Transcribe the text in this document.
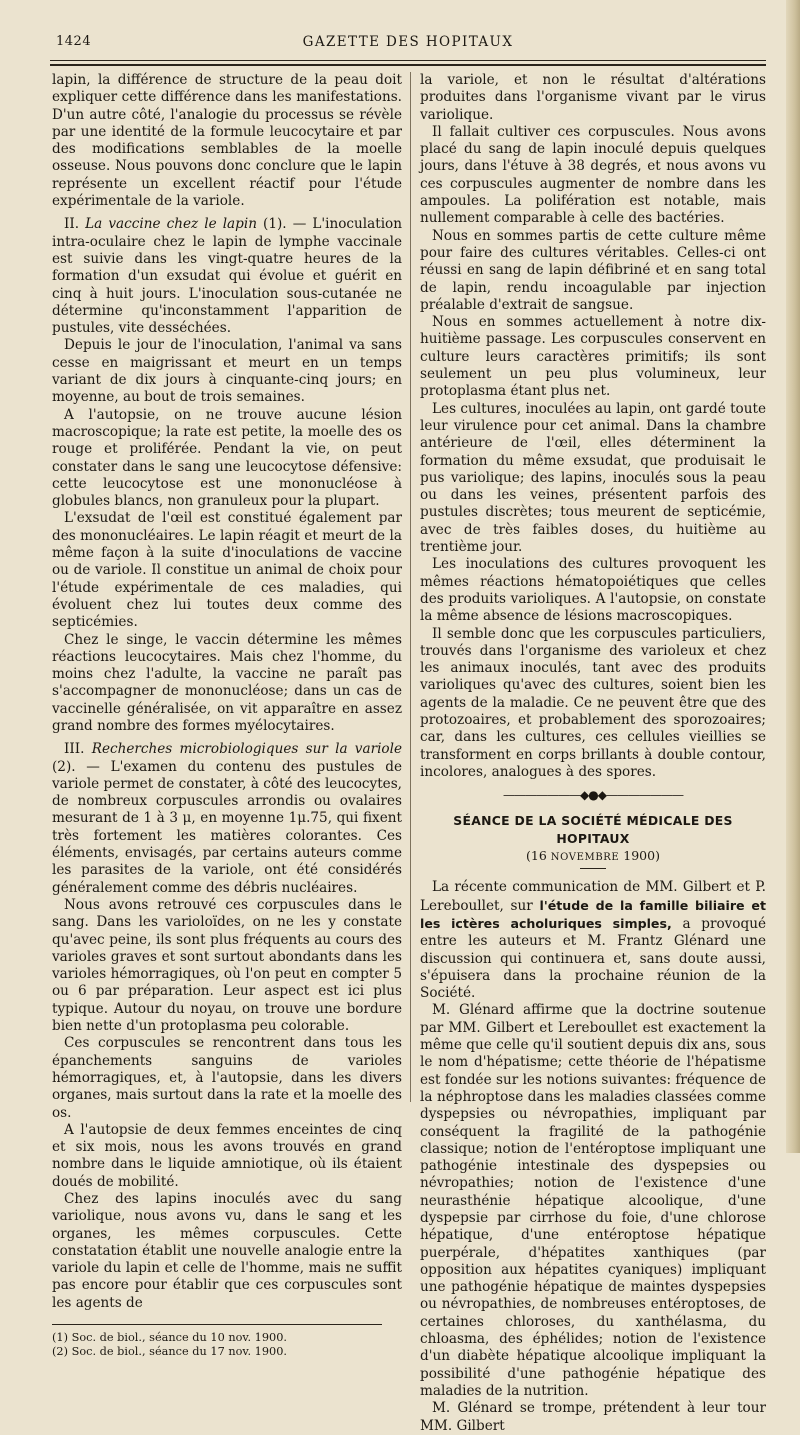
1424	GAZETTE DES HOPITAUX

lapin, la différence de structure de la peau doit expliquer cette différence dans les manifestations. D'un autre côté, l'analogie du processus se révèle par une identité de la formule leucocytaire et par des modifications semblables de la moelle osseuse. Nous pouvons donc conclure que le lapin représente un excellent réactif pour l'étude expérimentale de la variole.

II. La vaccine chez le lapin (1). — L'inoculation intra-oculaire chez le lapin de lymphe vaccinale est suivie dans les vingt-quatre heures de la formation d'un exsudat qui évolue et guérit en cinq à huit jours. L'inoculation sous-cutanée ne détermine qu'inconstamment l'apparition de pustules, vite desséchées.

Depuis le jour de l'inoculation, l'animal va sans cesse en maigrissant et meurt en un temps variant de dix jours à cinquante-cinq jours; en moyenne, au bout de trois semaines.

A l'autopsie, on ne trouve aucune lésion macroscopique; la rate est petite, la moelle des os rouge et proliférée. Pendant la vie, on peut constater dans le sang une leucocytose défensive: cette leucocytose est une mononucléose à globules blancs, non granuleux pour la plupart.

L'exsudat de l'œil est constitué également par des mononucléaires. Le lapin réagit et meurt de la même façon à la suite d'inoculations de vaccine ou de variole. Il constitue un animal de choix pour l'étude expérimentale de ces maladies, qui évoluent chez lui toutes deux comme des septicémies.

Chez le singe, le vaccin détermine les mêmes réactions leucocytaires. Mais chez l'homme, du moins chez l'adulte, la vaccine ne paraît pas s'accompagner de mononucléose; dans un cas de vaccinelle généralisée, on vit apparaître en assez grand nombre des formes myélocytaires.

III. Recherches microbiologiques sur la variole (2). — L'examen du contenu des pustules de variole permet de constater, à côté des leucocytes, de nombreux corpuscules arrondis ou ovalaires mesurant de 1 à 3 μ, en moyenne 1μ.75, qui fixent très fortement les matières colorantes. Ces éléments, envisagés, par certains auteurs comme les parasites de la variole, ont été considérés généralement comme des débris nucléaires.

Nous avons retrouvé ces corpuscules dans le sang. Dans les varioloïdes, on ne les y constate qu'avec peine, ils sont plus fréquents au cours des varioles graves et sont surtout abondants dans les varioles hémorragiques, où l'on peut en compter 5 ou 6 par préparation. Leur aspect est ici plus typique. Autour du noyau, on trouve une bordure bien nette d'un protoplasma peu colorable.

Ces corpuscules se rencontrent dans tous les épanchements sanguins de varioles hémorragiques, et, à l'autopsie, dans les divers organes, mais surtout dans la rate et la moelle des os.

A l'autopsie de deux femmes enceintes de cinq et six mois, nous les avons trouvés en grand nombre dans le liquide amniotique, où ils étaient doués de mobilité.

Chez des lapins inoculés avec du sang variolique, nous avons vu, dans le sang et les organes, les mêmes corpuscules. Cette constatation établit une nouvelle analogie entre la variole du lapin et celle de l'homme, mais ne suffit pas encore pour établir que ces corpuscules sont les agents de

(1) Soc. de biol., séance du 10 nov. 1900.

(2) Soc. de biol., séance du 17 nov. 1900.

la variole, et non le résultat d'altérations produites dans l'organisme vivant par le virus variolique.

Il fallait cultiver ces corpuscules. Nous avons placé du sang de lapin inoculé depuis quelques jours, dans l'étuve à 38 degrés, et nous avons vu ces corpuscules augmenter de nombre dans les ampoules. La polifération est notable, mais nullement comparable à celle des bactéries.

Nous en sommes partis de cette culture même pour faire des cultures véritables. Celles-ci ont réussi en sang de lapin défibriné et en sang total de lapin, rendu incoagulable par injection préalable d'extrait de sangsue.

Nous en sommes actuellement à notre dix-huitième passage. Les corpuscules conservent en culture leurs caractères primitifs; ils sont seulement un peu plus volumineux, leur protoplasma étant plus net.

Les cultures, inoculées au lapin, ont gardé toute leur virulence pour cet animal. Dans la chambre antérieure de l'œil, elles déterminent la formation du même exsudat, que produisait le pus variolique; des lapins, inoculés sous la peau ou dans les veines, présentent parfois des pustules discrètes; tous meurent de septicémie, avec de très faibles doses, du huitième au trentième jour.

Les inoculations des cultures provoquent les mêmes réactions hématopoiétiques que celles des produits varioliques. A l'autopsie, on constate la même absence de lésions macroscopiques.

Il semble donc que les corpuscules particuliers, trouvés dans l'organisme des varioleux et chez les animaux inoculés, tant avec des produits varioliques qu'avec des cultures, soient bien les agents de la maladie. Ce ne peuvent être que des protozoaires, et probablement des sporozoaires; car, dans les cultures, ces cellules vieillies se transforment en corps brillants à double contour, incolores, analogues à des spores.

———————◆●◆———————

SÉANCE DE LA SOCIÉTÉ MÉDICALE DES HOPITAUX

(16 NOVEMBRE 1900)

La récente communication de MM. Gilbert et P. Lereboullet, sur l'étude de la famille biliaire et les ictères acholuriques simples, a provoqué entre les auteurs et M. Frantz Glénard une discussion qui continuera et, sans doute aussi, s'épuisera dans la prochaine réunion de la Société.

M. Glénard affirme que la doctrine soutenue par MM. Gilbert et Lereboullet est exactement la même que celle qu'il soutient depuis dix ans, sous le nom d'hépatisme; cette théorie de l'hépatisme est fondée sur les notions suivantes: fréquence de la néphroptose dans les maladies classées comme dyspepsies ou névropathies, impliquant par conséquent la fragilité de la pathogénie classique; notion de l'entéroptose impliquant une pathogénie intestinale des dyspepsies ou névropathies; notion de l'existence d'une neurasthénie hépatique alcoolique, d'une dyspepsie par cirrhose du foie, d'une chlorose hépatique, d'une entéroptose hépatique puerpérale, d'hépatites xanthiques (par opposition aux hépatites cyaniques) impliquant une pathogénie hépatique de maintes dyspepsies ou névropathies, de nombreuses entéroptoses, de certaines chloroses, du xanthélasma, du chloasma, des éphélides; notion de l'existence d'un diabète hépatique alcoolique impliquant la possibilité d'une pathogénie hépatique des maladies de la nutrition.

M. Glénard se trompe, prétendent à leur tour MM. Gilbert
